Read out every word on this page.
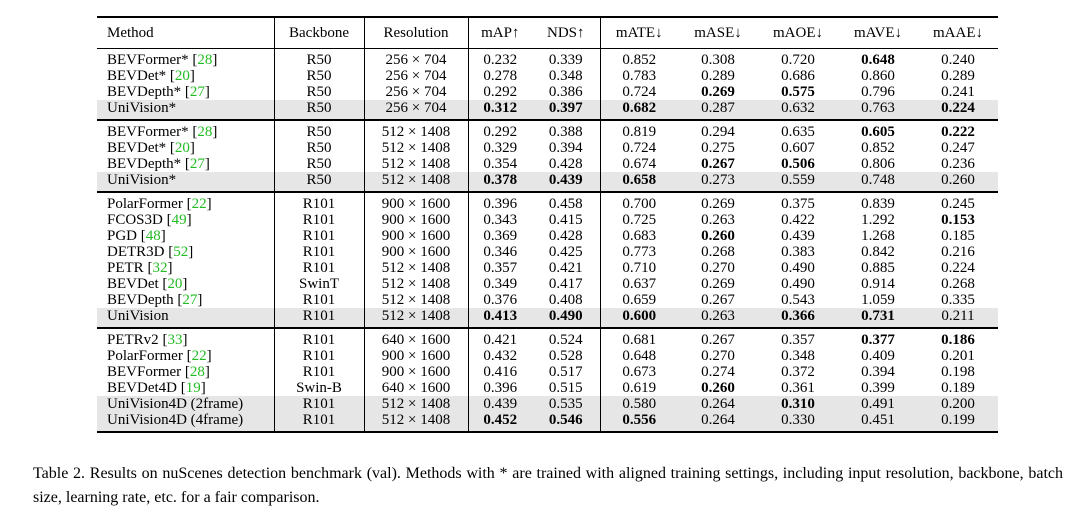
Method	Backbone	Resolution	mAP↑	NDS↑	mATE↓	mASE↓	mAOE↓	mAVE↓	mAAE↓
BEVFormer* [28]	R50	256 × 704	0.232	0.339	0.852	0.308	0.720	0.648	0.240
BEVDet* [20]	R50	256 × 704	0.278	0.348	0.783	0.289	0.686	0.860	0.289
BEVDepth* [27]	R50	256 × 704	0.292	0.386	0.724	0.269	0.575	0.796	0.241
UniVision*	R50	256 × 704	0.312	0.397	0.682	0.287	0.632	0.763	0.224
BEVFormer* [28]	R50	512 × 1408	0.292	0.388	0.819	0.294	0.635	0.605	0.222
BEVDet* [20]	R50	512 × 1408	0.329	0.394	0.724	0.275	0.607	0.852	0.247
BEVDepth* [27]	R50	512 × 1408	0.354	0.428	0.674	0.267	0.506	0.806	0.236
UniVision*	R50	512 × 1408	0.378	0.439	0.658	0.273	0.559	0.748	0.260
PolarFormer [22]	R101	900 × 1600	0.396	0.458	0.700	0.269	0.375	0.839	0.245
FCOS3D [49]	R101	900 × 1600	0.343	0.415	0.725	0.263	0.422	1.292	0.153
PGD [48]	R101	900 × 1600	0.369	0.428	0.683	0.260	0.439	1.268	0.185
DETR3D [52]	R101	900 × 1600	0.346	0.425	0.773	0.268	0.383	0.842	0.216
PETR [32]	R101	512 × 1408	0.357	0.421	0.710	0.270	0.490	0.885	0.224
BEVDet [20]	SwinT	512 × 1408	0.349	0.417	0.637	0.269	0.490	0.914	0.268
BEVDepth [27]	R101	512 × 1408	0.376	0.408	0.659	0.267	0.543	1.059	0.335
UniVision	R101	512 × 1408	0.413	0.490	0.600	0.263	0.366	0.731	0.211
PETRv2 [33]	R101	640 × 1600	0.421	0.524	0.681	0.267	0.357	0.377	0.186
PolarFormer [22]	R101	900 × 1600	0.432	0.528	0.648	0.270	0.348	0.409	0.201
BEVFormer [28]	R101	900 × 1600	0.416	0.517	0.673	0.274	0.372	0.394	0.198
BEVDet4D [19]	Swin-B	640 × 1600	0.396	0.515	0.619	0.260	0.361	0.399	0.189
UniVision4D (2frame)	R101	512 × 1408	0.439	0.535	0.580	0.264	0.310	0.491	0.200
UniVision4D (4frame)	R101	512 × 1408	0.452	0.546	0.556	0.264	0.330	0.451	0.199
Table 2. Results on nuScenes detection benchmark (val). Methods with * are trained with aligned training settings, including input resolution, backbone, batch size, learning rate, etc. for a fair comparison.
